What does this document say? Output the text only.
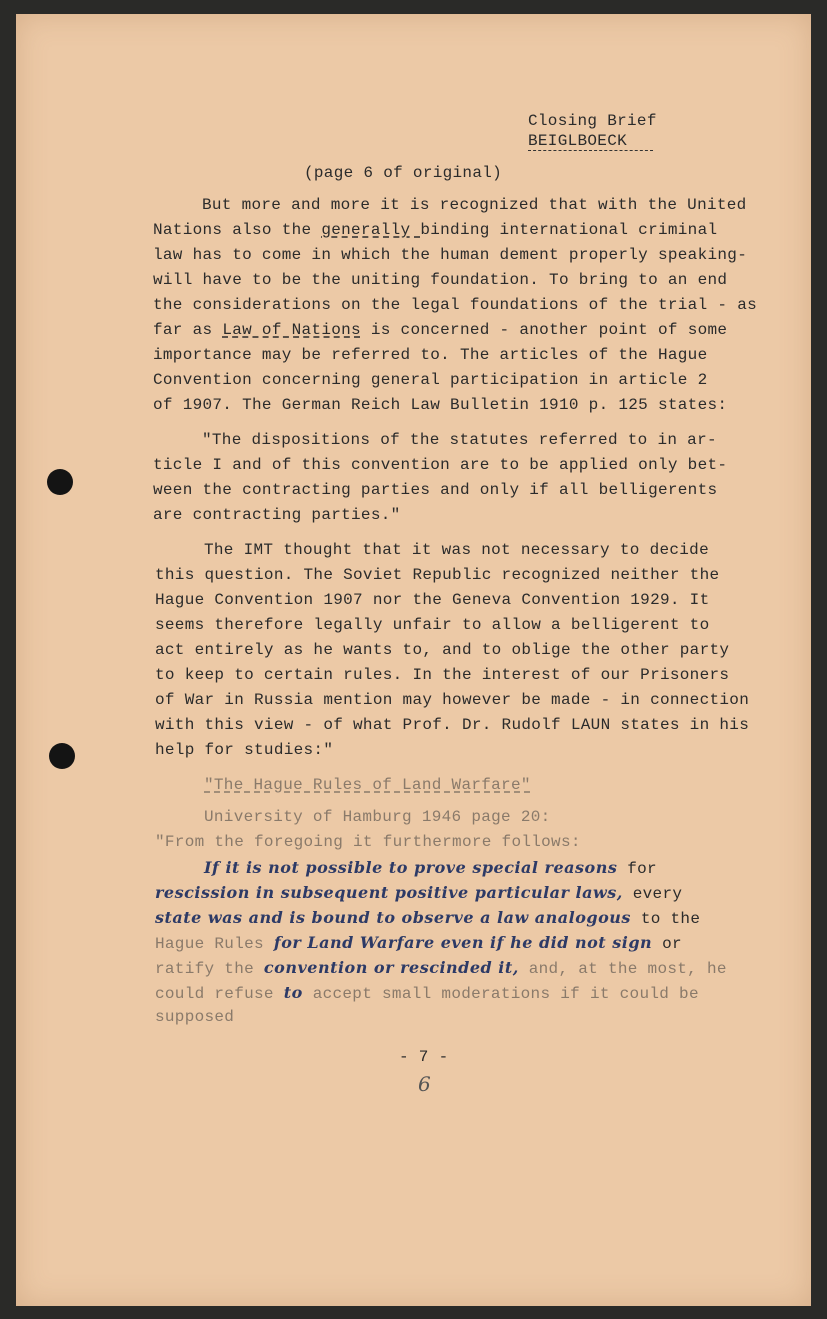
Closing Brief
BEIGLBOECK
(page 6 of original)
But more and more it is recognized that with the United
Nations also the generally binding international criminal
law has to come in which the human dement properly speaking-
will have to be the uniting foundation. To bring to an end
the considerations on the legal foundations of the trial - as
far as Law of Nations is concerned - another point of some
importance may be referred to. The articles of the Hague
Convention concerning general participation in article 2
of 1907. The German Reich Law Bulletin 1910 p. 125 states:
"The dispositions of the statutes referred to in ar-
ticle I and of this convention are to be applied only bet-
ween the contracting parties and only if all belligerents
are contracting parties."
The IMT thought that it was not necessary to decide
this question. The Soviet Republic recognized neither the
Hague Convention 1907 nor the Geneva Convention 1929. It
seems therefore legally unfair to allow a belligerent to
act entirely as he wants to, and to oblige the other party
to keep to certain rules. In the interest of our Prisoners
of War in Russia mention may however be made - in connection
with this view - of what Prof. Dr. Rudolf LAUN states in his
help for studies:"
"The Hague Rules of Land Warfare"
University of Hamburg 1946 page 20:
"From the foregoing it furthermore follows:
If it is not possible to prove special reasons for
rescission in subsequent positive particular laws, every
state was and is bound to observe a law analogous to the
Hague Rules for Land Warfare even if he did not sign or
ratify the convention or rescinded it, and, at the most, he
could refuse to accept small moderations if it could be
supposed
- 7 -
6
